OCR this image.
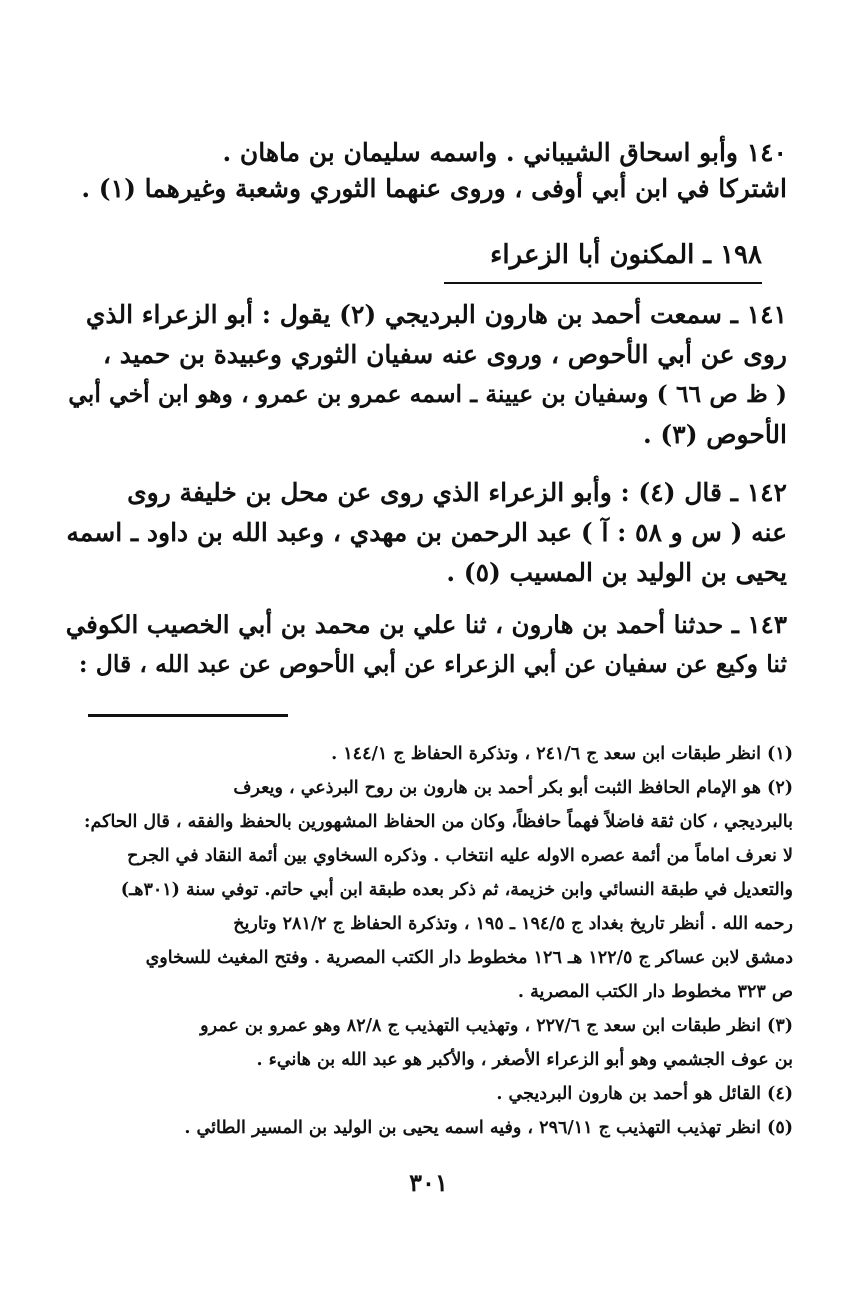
١٤٠ وأبو اسحاق الشيباني . واسمه سليمان بن ماهان .
اشتركا في ابن أبي أوفى ، وروى عنهما الثوري وشعبة وغيرهما (١) .
١٩٨ ـ المكنون أبا الزعراء
١٤١ ـ سمعت أحمد بن هارون البرديجي (٢) يقول : أبو الزعراء الذي
روى عن أبي الأحوص ، وروى عنه سفيان الثوري وعبيدة بن حميد ،
( ظ ص ٦٦ ) وسفيان بن عيينة ـ اسمه عمرو بن عمرو ، وهو ابن أخي أبي
الأحوص (٣) .
١٤٢ ـ قال (٤) : وأبو الزعراء الذي روى عن محل بن خليفة روى
عنه ( س و ٥٨ : آ ) عبد الرحمن بن مهدي ، وعبد الله بن داود ـ اسمه
يحيى بن الوليد بن المسيب (٥) .
١٤٣ ـ حدثنا أحمد بن هارون ، ثنا علي بن محمد بن أبي الخصيب الكوفي
ثنا وكيع عن سفيان عن أبي الزعراء عن أبي الأحوص عن عبد الله ، قال :
(١) انظر طبقات ابن سعد ج ٢٤١/٦ ، وتذكرة الحفاظ ج ١٤٤/١ .
(٢) هو الإمام الحافظ الثبت أبو بكر أحمد بن هارون بن روح البرذعي ، ويعرف
بالبرديجي ، كان ثقة فاضلاً فهماً حافظاً، وكان من الحفاظ المشهورين بالحفظ والفقه ، قال الحاكم:
لا نعرف اماماً من أئمة عصره الاوله عليه انتخاب . وذكره السخاوي بين أئمة النقاد في الجرح
والتعديل في طبقة النسائي وابن خزيمة، ثم ذكر بعده طبقة ابن أبي حاتم. توفي سنة (٣٠١هـ)
رحمه الله . أنظر تاريخ بغداد ج ١٩٤/٥ ـ ١٩٥ ، وتذكرة الحفاظ ج ٢٨١/٢ وتاريخ
دمشق لابن عساكر ج ١٢٢/٥ هـ ١٢٦ مخطوط دار الكتب المصرية . وفتح المغيث للسخاوي
ص ٣٢٣ مخطوط دار الكتب المصرية .
(٣) انظر طبقات ابن سعد ج ٢٢٧/٦ ، وتهذيب التهذيب ج ٨٢/٨ وهو عمرو بن عمرو
بن عوف الجشمي وهو أبو الزعراء الأصغر ، والأكبر هو عبد الله بن هانيء .
(٤) القائل هو أحمد بن هارون البرديجي .
(٥) انظر تهذيب التهذيب ج ٢٩٦/١١ ، وفيه اسمه يحيى بن الوليد بن المسير الطائي .
٣٠١
